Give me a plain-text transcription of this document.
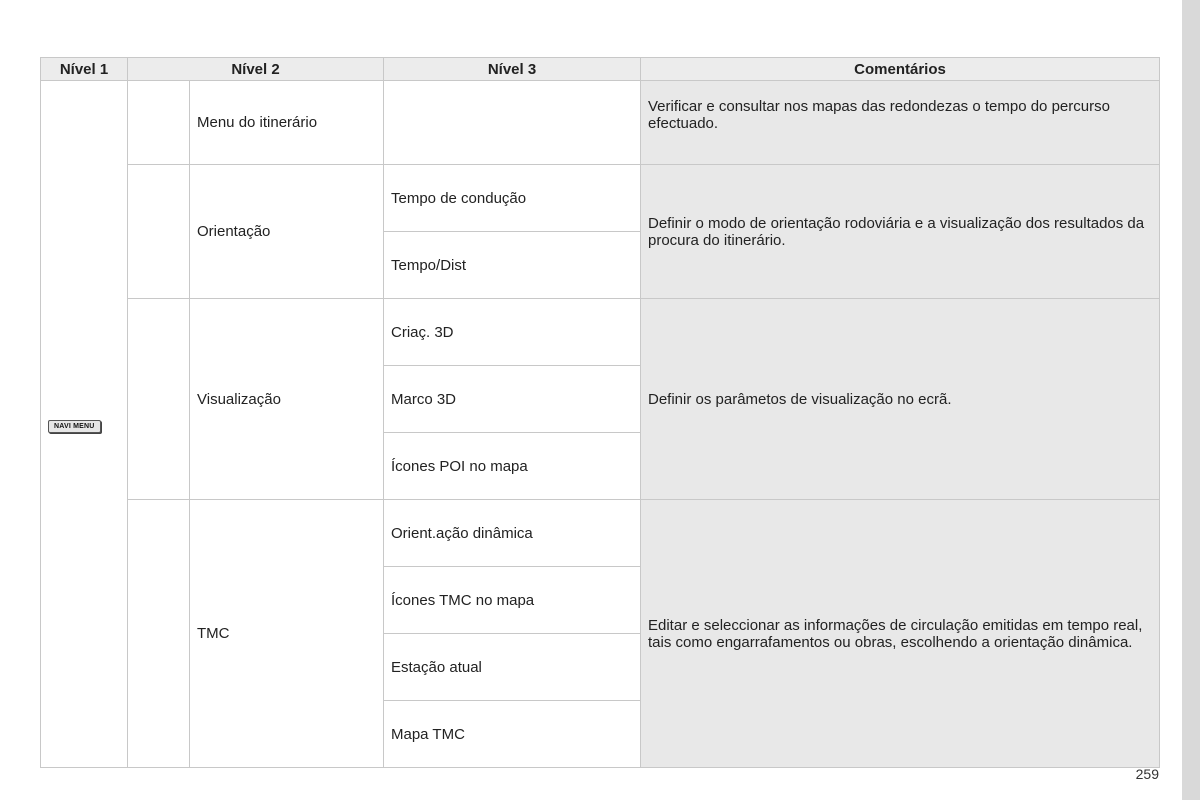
Nível 1	Nível 2		Nível 3	Comentários
NAVI MENU		Menu do itinerário		Verificar e consultar nos mapas das redondezas o tempo do percurso efectuado.
		Orientação	Tempo de condução	Definir o modo de orientação rodoviária e a visualização dos resultados da procura do itinerário.
			Tempo/Dist	
		Visualização	Criaç. 3D	Definir os parâmetos de visualização no ecrã.
			Marco 3D	
			Ícones POI no mapa	
		TMC	Orient.ação dinâmica	Editar e seleccionar as informações de circulação emitidas em tempo real, tais como engarrafamentos ou obras, escolhendo a orientação dinâmica.
			Ícones TMC no mapa	
			Estação atual	
			Mapa TMC	
259
